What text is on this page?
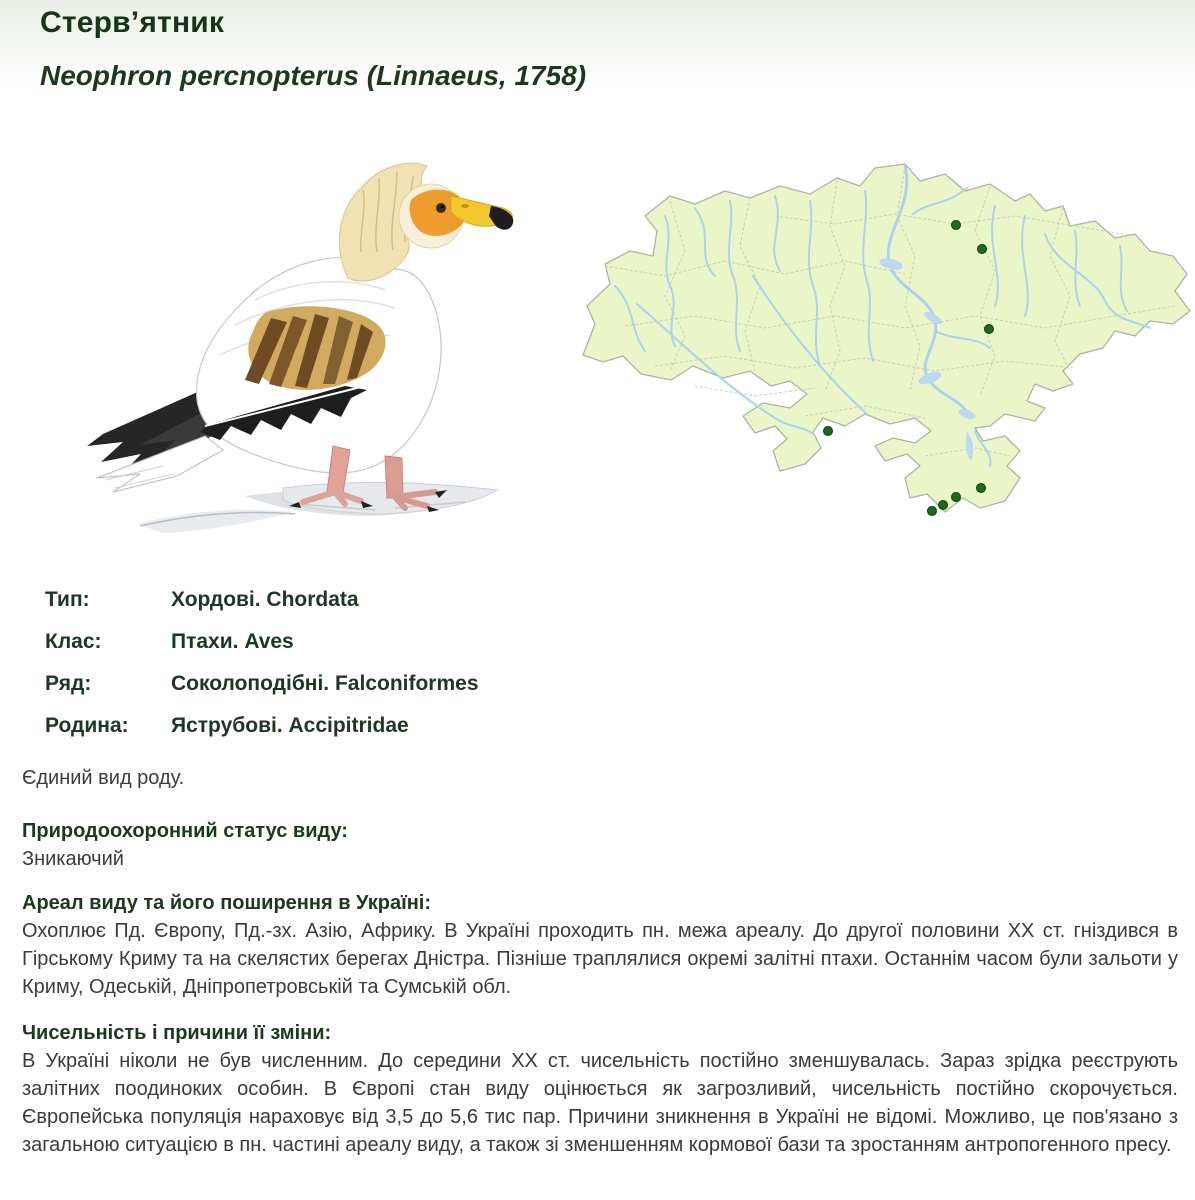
Стерв’ятник
Neophron percnopterus (Linnaeus, 1758)
Тип:	Хордові. Chordata
Клас:	Птахи. Aves
Ряд:	Соколоподібні. Falconiformes
Родина:	Яструбові. Accipitridae

Єдиний вид роду.

Природоохоронний статус виду:

Зникаючий

Ареал виду та його поширення в Україні:

Охоплює Пд. Європу, Пд.-зх. Азію, Африку. В Україні проходить пн. межа ареалу. До другої половини XX ст. гніздився в Гірському Криму та на скелястих берегах Дністра. Пізніше траплялися окремі залітні птахи. Останнім часом були зальоти у Криму, Одеській, Дніпропетровській та Сумській обл.

Чисельність і причини її зміни:

В Україні ніколи не був численним. До середини XX ст. чисельність постійно зменшувалась. Зараз зрідка реєструють залітних поодиноких особин. В Європі стан виду оцінюється як загрозливий, чисельність постійно скорочується. Європейська популяція нараховує від 3,5 до 5,6 тис пар. Причини зникнення в Україні не відомі. Можливо, це пов'язано з загальною ситуацією в пн. частині ареалу виду, а також зі зменшенням кормової бази та зростанням антропогенного пресу.
